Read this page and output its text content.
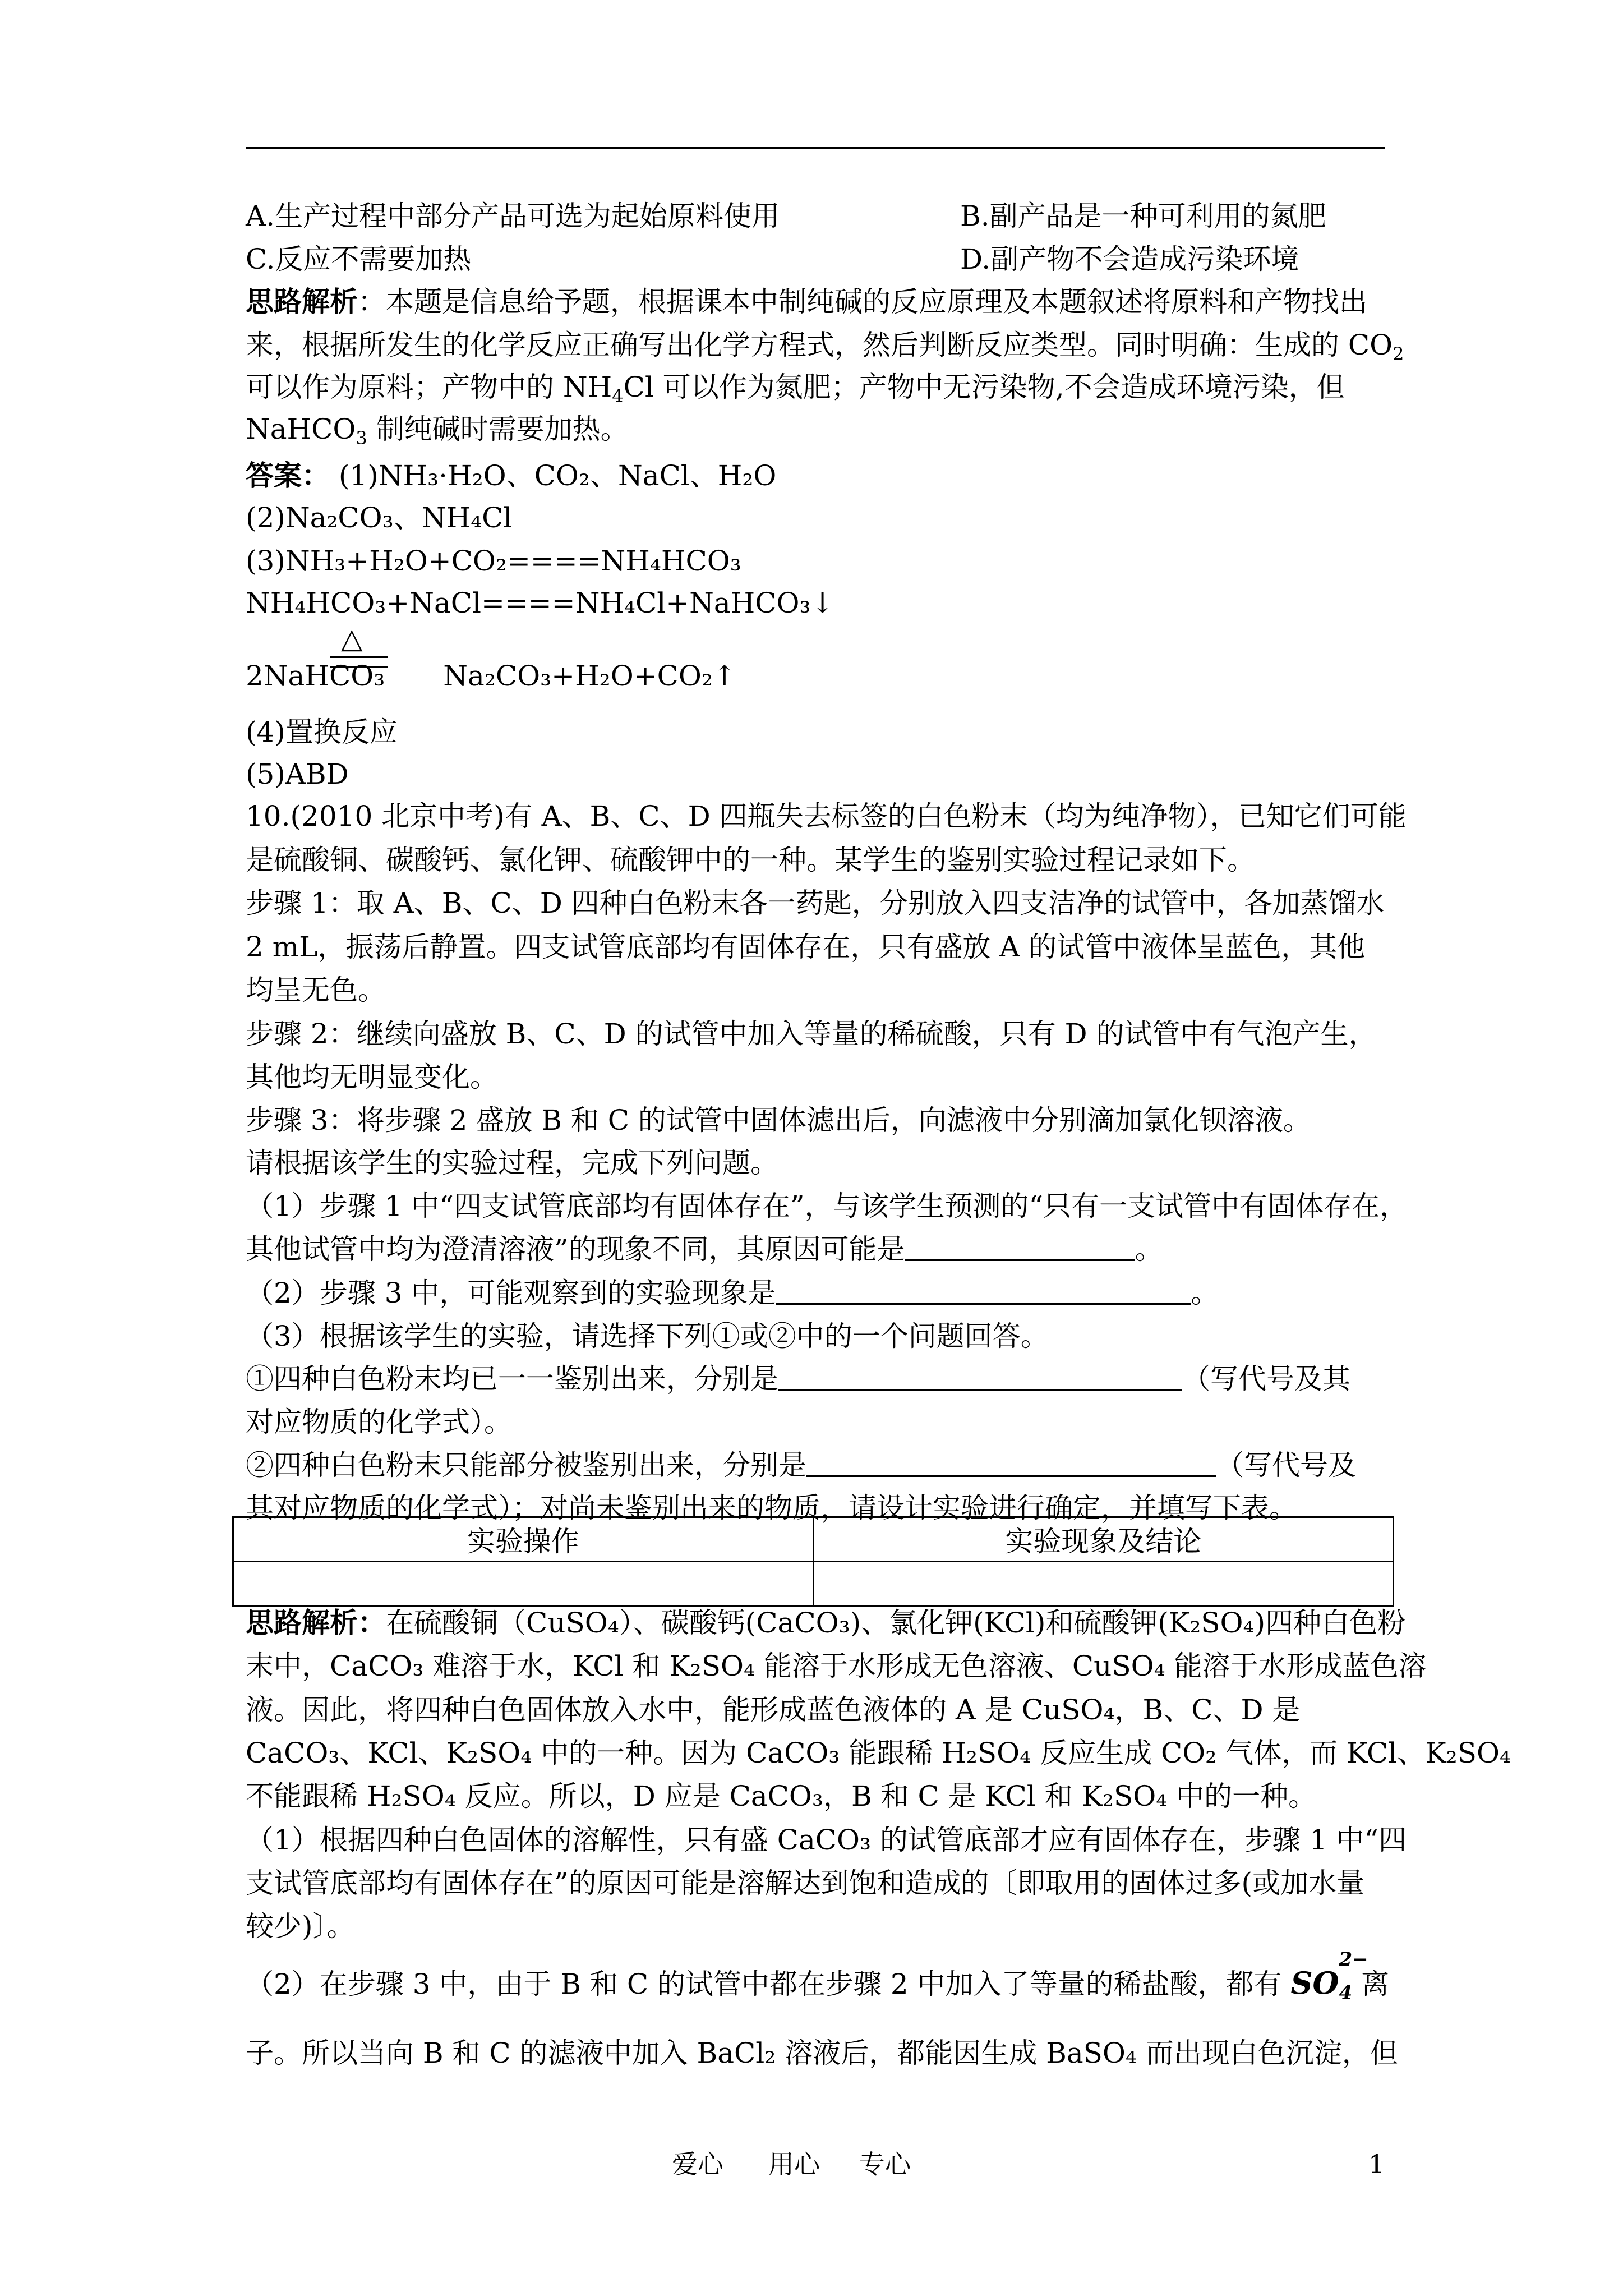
A.生产过程中部分产品可选为起始原料使用	B.副产品是一种可利用的氮肥
C.反应不需要加热	D.副产物不会造成污染环境
思路解析：本题是信息给予题，根据课本中制纯碱的反应原理及本题叙述将原料和产物找出
来，根据所发生的化学反应正确写出化学方程式，然后判断反应类型。同时明确：生成的 $CO_2$
可以作为原料；产物中的 $NH_4Cl$ 可以作为氮肥；产物中无污染物,不会造成环境污染，但
NaHCO$_3$ 制纯碱时需要加热。
答案： (1)NH₃·H₂O、CO₂、NaCl、H₂O
(2)Na₂CO₃、NH₄Cl
(3)NH₃+H₂O+CO₂====NH₄HCO₃
NH₄HCO₃+NaCl====NH₄Cl+NaHCO₃↓
2NaHCO₃
△
Na₂CO₃+H₂O+CO₂↑
(4)置换反应
(5)ABD
10.(2010 北京中考)有 A、B、C、D 四瓶失去标签的白色粉末（均为纯净物），已知它们可能
是硫酸铜、碳酸钙、氯化钾、硫酸钾中的一种。某学生的鉴别实验过程记录如下。
步骤 1：取 A、B、C、D 四种白色粉末各一药匙，分别放入四支洁净的试管中，各加蒸馏水
2 mL，振荡后静置。四支试管底部均有固体存在，只有盛放 A 的试管中液体呈蓝色，其他
均呈无色。
步骤 2：继续向盛放 B、C、D 的试管中加入等量的稀硫酸，只有 D 的试管中有气泡产生，
其他均无明显变化。
步骤 3：将步骤 2 盛放 B 和 C 的试管中固体滤出后，向滤液中分别滴加氯化钡溶液。
请根据该学生的实验过程，完成下列问题。
（1）步骤 1 中“四支试管底部均有固体存在”，与该学生预测的“只有一支试管中有固体存在，
其他试管中均为澄清溶液”的现象不同，其原因可能是	。
（2）步骤 3 中，可能观察到的实验现象是	。
（3）根据该学生的实验，请选择下列①或②中的一个问题回答。
①四种白色粉末均已一一鉴别出来，分别是	（写代号及其
对应物质的化学式）。
②四种白色粉末只能部分被鉴别出来，分别是	（写代号及
其对应物质的化学式）；对尚未鉴别出来的物质，请设计实验进行确定，并填写下表。
实验操作	实验现象及结论

思路解析：在硫酸铜（CuSO₄）、碳酸钙(CaCO₃)、氯化钾(KCl)和硫酸钾(K₂SO₄)四种白色粉
末中，CaCO₃ 难溶于水，KCl 和 K₂SO₄ 能溶于水形成无色溶液、CuSO₄ 能溶于水形成蓝色溶
液。因此，将四种白色固体放入水中，能形成蓝色液体的 A 是 CuSO₄，B、C、D 是
CaCO₃、KCl、K₂SO₄ 中的一种。因为 CaCO₃ 能跟稀 H₂SO₄ 反应生成 CO₂ 气体，而 KCl、K₂SO₄
不能跟稀 H₂SO₄ 反应。所以，D 应是 CaCO₃，B 和 C 是 KCl 和 K₂SO₄ 中的一种。
（1）根据四种白色固体的溶解性，只有盛 CaCO₃ 的试管底部才应有固体存在，步骤 1 中“四
支试管底部均有固体存在”的原因可能是溶解达到饱和造成的〔即取用的固体过多(或加水量
较少)〕。
（2）在步骤 3 中，由于 B 和 C 的试管中都在步骤 2 中加入了等量的稀盐酸，都有 $SO_4$
2−
离
子。所以当向 B 和 C 的滤液中加入 BaCl₂ 溶液后，都能因生成 BaSO₄ 而出现白色沉淀，但
爱心 用心 专心	1
